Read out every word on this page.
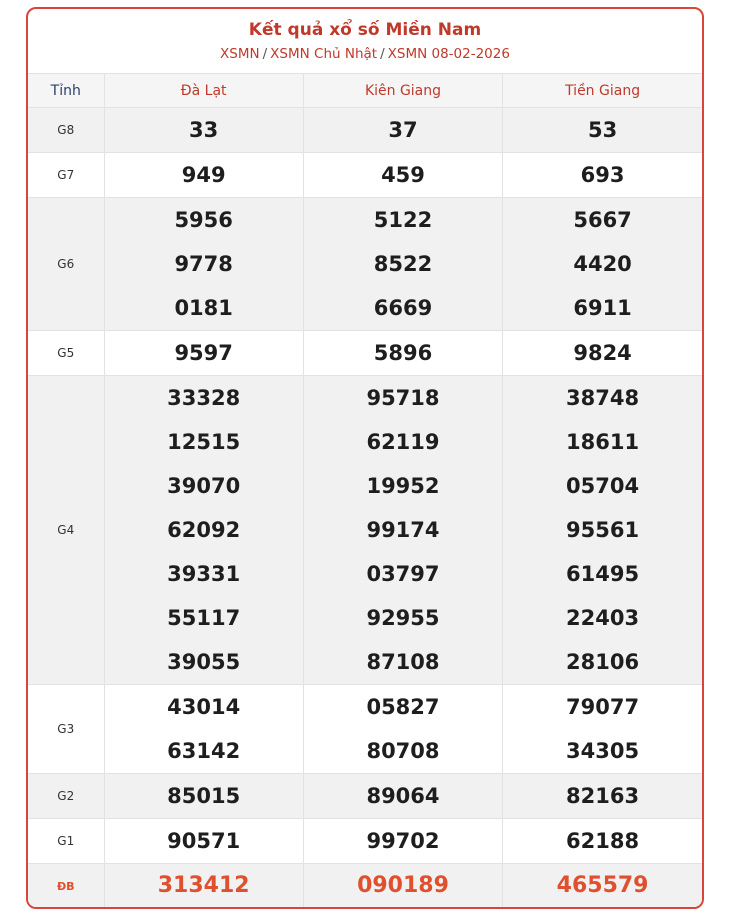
Kết quả xổ số Miền Nam
XSMN / XSMN Chủ Nhật / XSMN 08-02-2026
Tỉnh	Đà Lạt	Kiên Giang	Tiền Giang
G8	33	37	53

G7	949	459	693

G6	5956	5122	5667

	9778	8522	4420

	0181	6669	6911

G5	9597	5896	9824

G4	33328	95718	38748

	12515	62119	18611

	39070	19952	05704

	62092	99174	95561

	39331	03797	61495

	55117	92955	22403

	39055	87108	28106

G3	43014	05827	79077

	63142	80708	34305

G2	85015	89064	82163

G1	90571	99702	62188

ĐB	313412	090189	465579
